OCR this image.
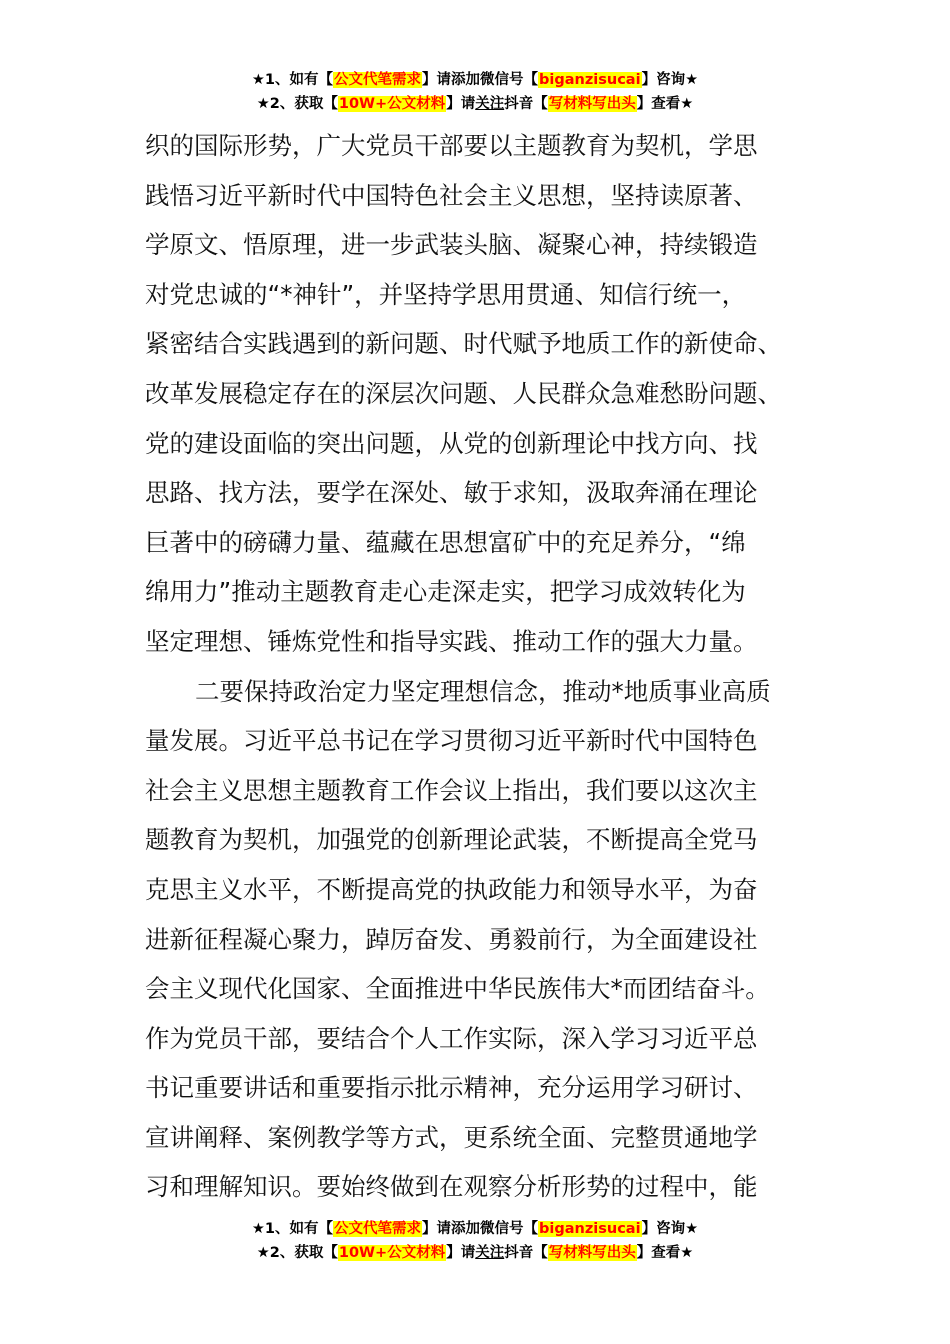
★1、如有【公文代笔需求】请添加微信号【biganzisucai】咨询★
★2、获取【10W+公文材料】请关注抖音【写材料写出头】查看★
织的国际形势，广大党员干部要以主题教育为契机，学思
践悟习近平新时代中国特色社会主义思想，坚持读原著、
学原文、悟原理，进一步武装头脑、凝聚心神，持续锻造
对党忠诚的“*神针”，并坚持学思用贯通、知信行统一，
紧密结合实践遇到的新问题、时代赋予地质工作的新使命、
改革发展稳定存在的深层次问题、人民群众急难愁盼问题、
党的建设面临的突出问题，从党的创新理论中找方向、找
思路、找方法，要学在深处、敏于求知，汲取奔涌在理论
巨著中的磅礴力量、蕴藏在思想富矿中的充足养分，“绵
绵用力”推动主题教育走心走深走实，把学习成效转化为
坚定理想、锤炼党性和指导实践、推动工作的强大力量。
二要保持政治定力坚定理想信念，推动*地质事业高质
量发展。习近平总书记在学习贯彻习近平新时代中国特色
社会主义思想主题教育工作会议上指出，我们要以这次主
题教育为契机，加强党的创新理论武装，不断提高全党马
克思主义水平，不断提高党的执政能力和领导水平，为奋
进新征程凝心聚力，踔厉奋发、勇毅前行，为全面建设社
会主义现代化国家、全面推进中华民族伟大*而团结奋斗。
作为党员干部，要结合个人工作实际，深入学习习近平总
书记重要讲话和重要指示批示精神，充分运用学习研讨、
宣讲阐释、案例教学等方式，更系统全面、完整贯通地学
习和理解知识。要始终做到在观察分析形势的过程中，能
★1、如有【公文代笔需求】请添加微信号【biganzisucai】咨询★
★2、获取【10W+公文材料】请关注抖音【写材料写出头】查看★
